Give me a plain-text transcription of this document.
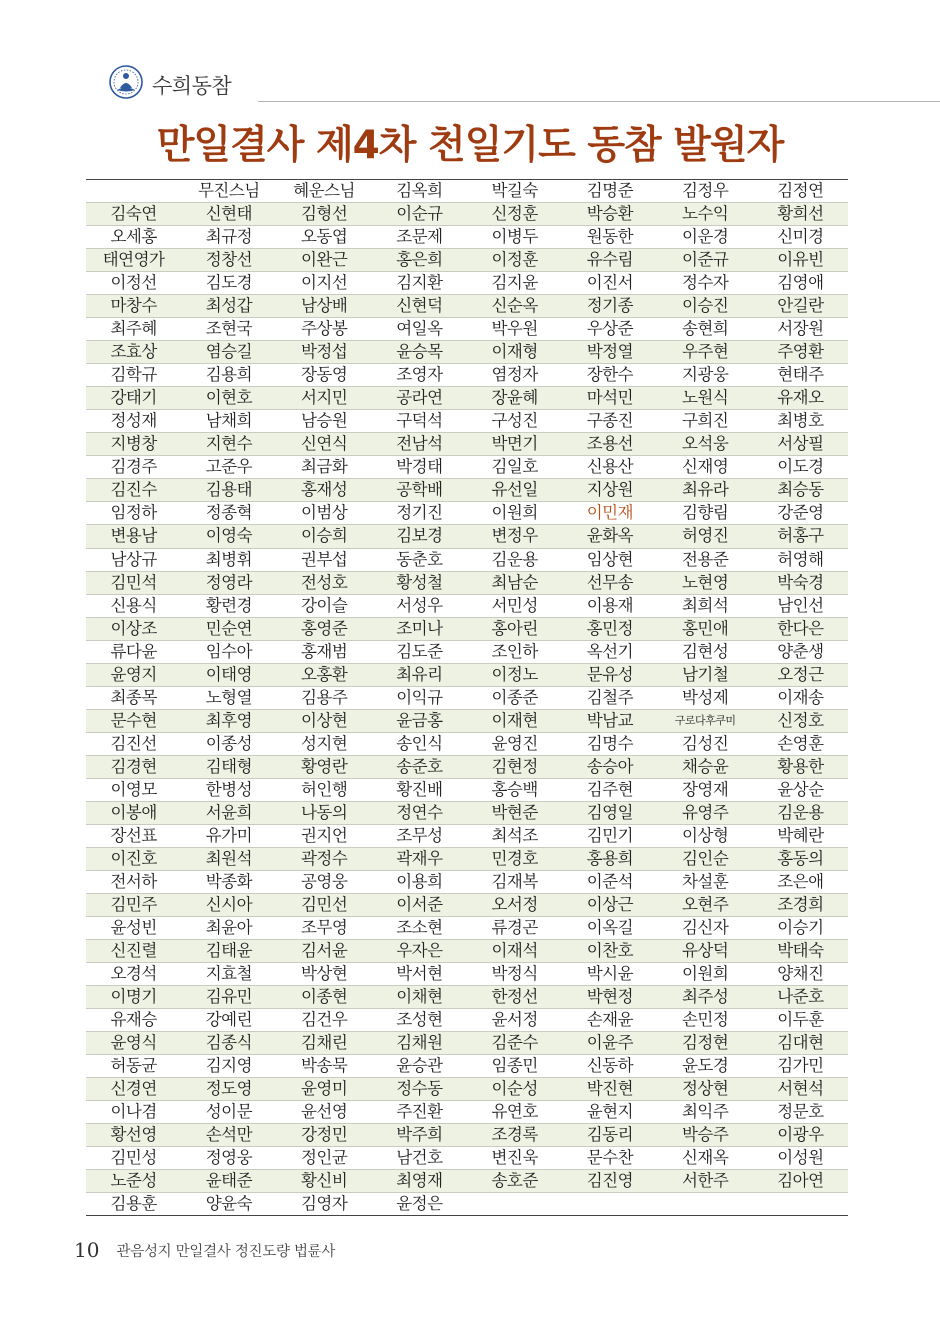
수희동참
만일결사 제4차 천일기도 동참 발원자
무진스님	혜운스님	김옥희	박길숙	김명준	김정우	김정연
김숙연	신현태	김형선	이순규	신정훈	박승환	노수익	황희선
오세홍	최규정	오동엽	조문제	이병두	원동한	이운경	신미경
태연영가	정창선	이완근	홍은희	이정훈	유수림	이준규	이유빈
이정선	김도경	이지선	김지환	김지윤	이진서	정수자	김영애
마창수	최성갑	남상배	신현덕	신순옥	정기종	이승진	안길란
최주혜	조현국	주상봉	여일옥	박우원	우상준	송현희	서장원
조효상	염승길	박정섭	윤승목	이재형	박정열	우주현	주영환
김학규	김용희	장동영	조영자	염정자	장한수	지광웅	현태주
강태기	이현호	서지민	공라연	장윤혜	마석민	노원식	유재오
정성재	남채희	남승원	구덕석	구성진	구종진	구희진	최병호
지병창	지현수	신연식	전남석	박면기	조용선	오석웅	서상필
김경주	고준우	최금화	박경태	김일호	신용산	신재영	이도경
김진수	김용태	홍재성	공학배	유선일	지상원	최유라	최승동
임정하	정종혁	이범상	정기진	이원희	이민재	김향림	강준영
변용남	이영숙	이승희	김보경	변정우	윤화옥	허영진	허홍구
남상규	최병휘	권부섭	동춘호	김운용	임상현	전용준	허영해
김민석	정영라	전성호	황성철	최남순	선무송	노현영	박숙경
신용식	황련경	강이슬	서성우	서민성	이용재	최희석	남인선
이상조	민순연	홍영준	조미나	홍아린	홍민정	홍민애	한다은
류다윤	임수아	홍재범	김도준	조인하	옥선기	김현성	양춘생
윤영지	이태영	오홍환	최유리	이정노	문유성	남기철	오정근
최종목	노형열	김용주	이익규	이종준	김철주	박성제	이재송
문수현	최후영	이상현	윤금홍	이재현	박남교	구로다후쿠미	신정호
김진선	이종성	성지현	송인식	윤영진	김명수	김성진	손영훈
김경현	김태형	황영란	송준호	김현정	송승아	채승윤	황용한
이영모	한병성	허인행	황진배	홍승백	김주현	장영재	윤상순
이봉애	서윤희	나동의	정연수	박현준	김영일	유영주	김운용
장선표	유가미	권지언	조무성	최석조	김민기	이상형	박혜란
이진호	최원석	곽정수	곽재우	민경호	홍용희	김인순	홍동의
전서하	박종화	공영웅	이용희	김재복	이준석	차설훈	조은애
김민주	신시아	김민선	이서준	오서정	이상근	오현주	조경희
윤성빈	최윤아	조무영	조소현	류경곤	이옥길	김신자	이승기
신진렬	김태윤	김서윤	우자은	이재석	이찬호	유상덕	박태숙
오경석	지효철	박상현	박서현	박정식	박시윤	이원희	양채진
이명기	김유민	이종현	이채현	한정선	박현정	최주성	나준호
유재승	강예린	김건우	조성현	윤서정	손재윤	손민정	이두훈
윤영식	김종식	김채린	김채원	김준수	이윤주	김정현	김대현
허동균	김지영	박송묵	윤승관	임종민	신동하	윤도경	김가민
신경연	정도영	윤영미	정수동	이순성	박진현	정상현	서현석
이나겸	성이문	윤선영	주진환	유연호	윤현지	최익주	정문호
황선영	손석만	강정민	박주희	조경록	김동리	박승주	이광우
김민성	정영웅	정인균	남건호	변진욱	문수찬	신재옥	이성원
노준성	윤태준	황신비	최영재	송호준	김진영	서한주	김아연
김용훈	양윤숙	김영자	윤정은
10 관음성지 만일결사 정진도량 법륜사
